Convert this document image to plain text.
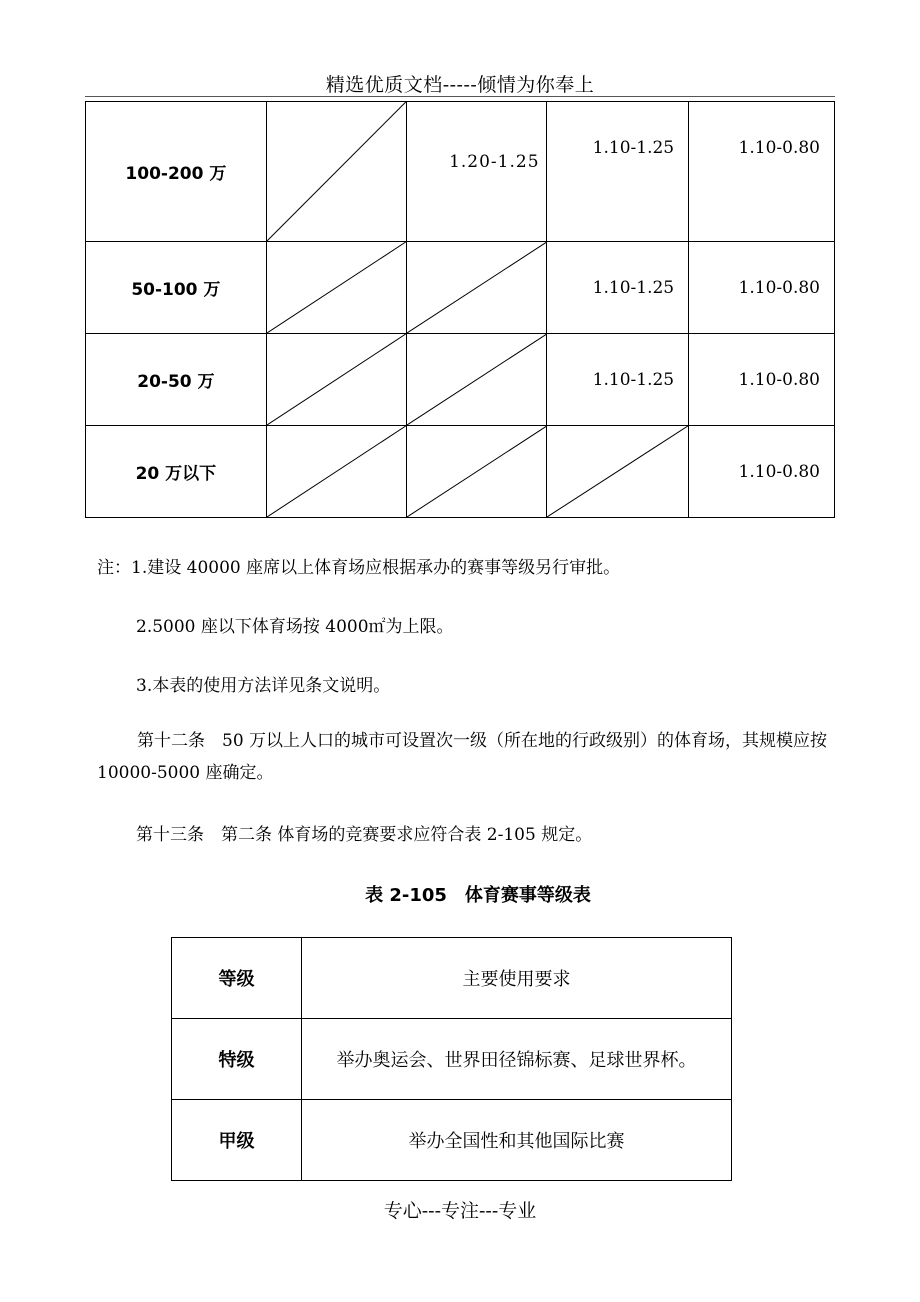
精选优质文档-----倾情为你奉上
100-200 万		1.20-1.25	1.10-1.25	1.10-0.80

50-100 万			1.10-1.25	1.10-0.80
20-50 万			1.10-1.25	1.10-0.80
20 万以下				1.10-0.80
注：1.建设 40000 座席以上体育场应根据承办的赛事等级另行审批。
2.5000 座以下体育场按 4000㎡为上限。
3.本表的使用方法详见条文说明。
第十二条　50 万以上人口的城市可设置次一级（所在地的行政级别）的体育场，其规模应按 10000-5000 座确定。
第十三条　第二条 体育场的竞赛要求应符合表 2-105 规定。
表 2-105　体育赛事等级表
等级	主要使用要求
特级	举办奥运会、世界田径锦标赛、足球世界杯。
甲级	举办全国性和其他国际比赛
专心---专注---专业
